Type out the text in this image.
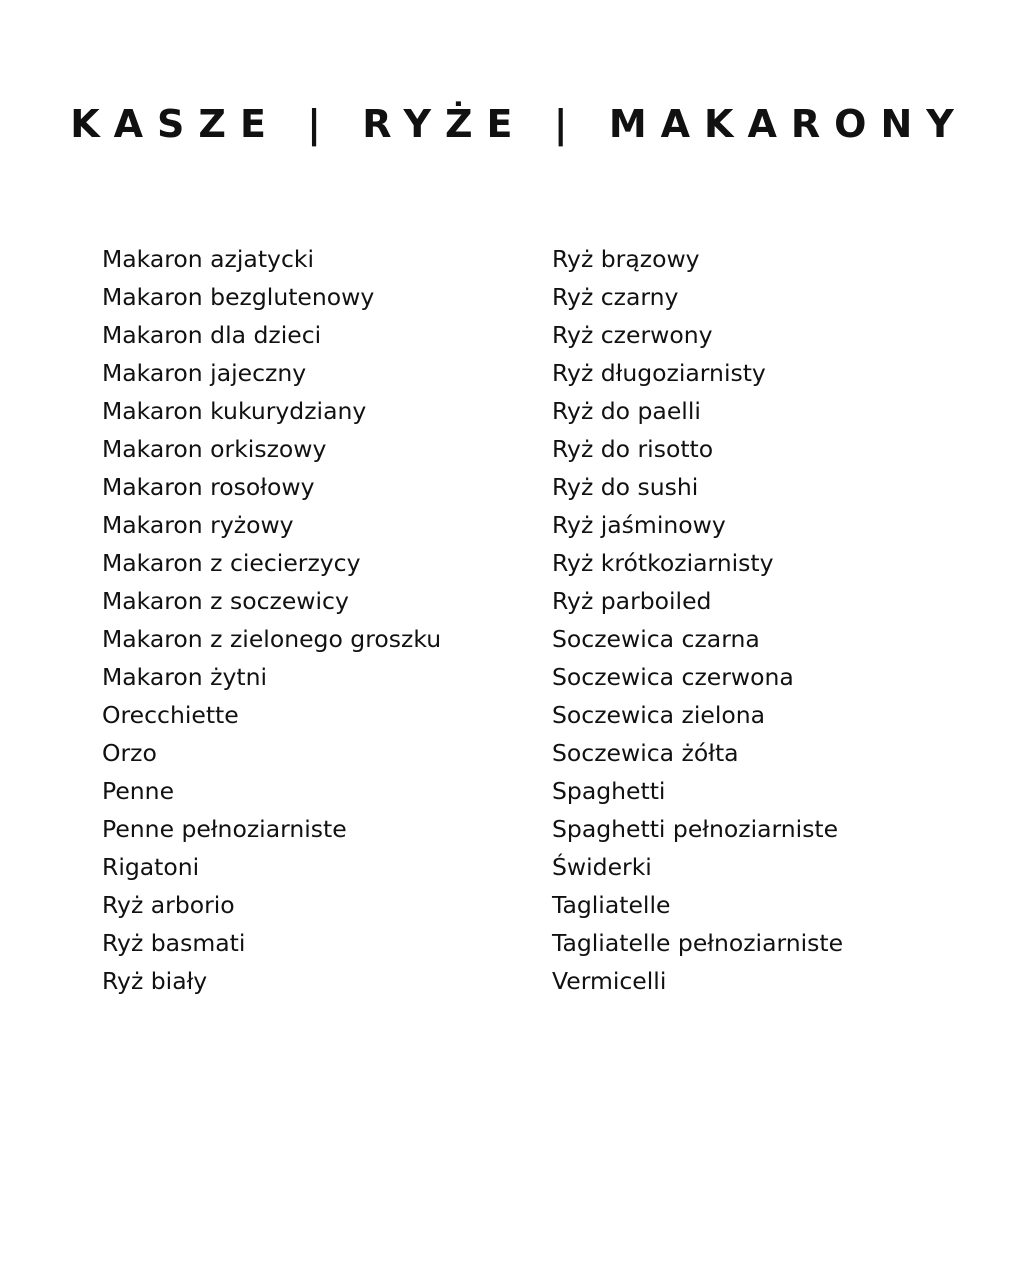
KASZE | RYŻE | MAKARONY
Makaron azjatycki
Makaron bezglutenowy
Makaron dla dzieci
Makaron jajeczny
Makaron kukurydziany
Makaron orkiszowy
Makaron rosołowy
Makaron ryżowy
Makaron z ciecierzycy
Makaron z soczewicy
Makaron z zielonego groszku
Makaron żytni
Orecchiette
Orzo
Penne
Penne pełnoziarniste
Rigatoni
Ryż arborio
Ryż basmati
Ryż biały
Ryż brązowy
Ryż czarny
Ryż czerwony
Ryż długoziarnisty
Ryż do paelli
Ryż do risotto
Ryż do sushi
Ryż jaśminowy
Ryż krótkoziarnisty
Ryż parboiled
Soczewica czarna
Soczewica czerwona
Soczewica zielona
Soczewica żółta
Spaghetti
Spaghetti pełnoziarniste
Świderki
Tagliatelle
Tagliatelle pełnoziarniste
Vermicelli
